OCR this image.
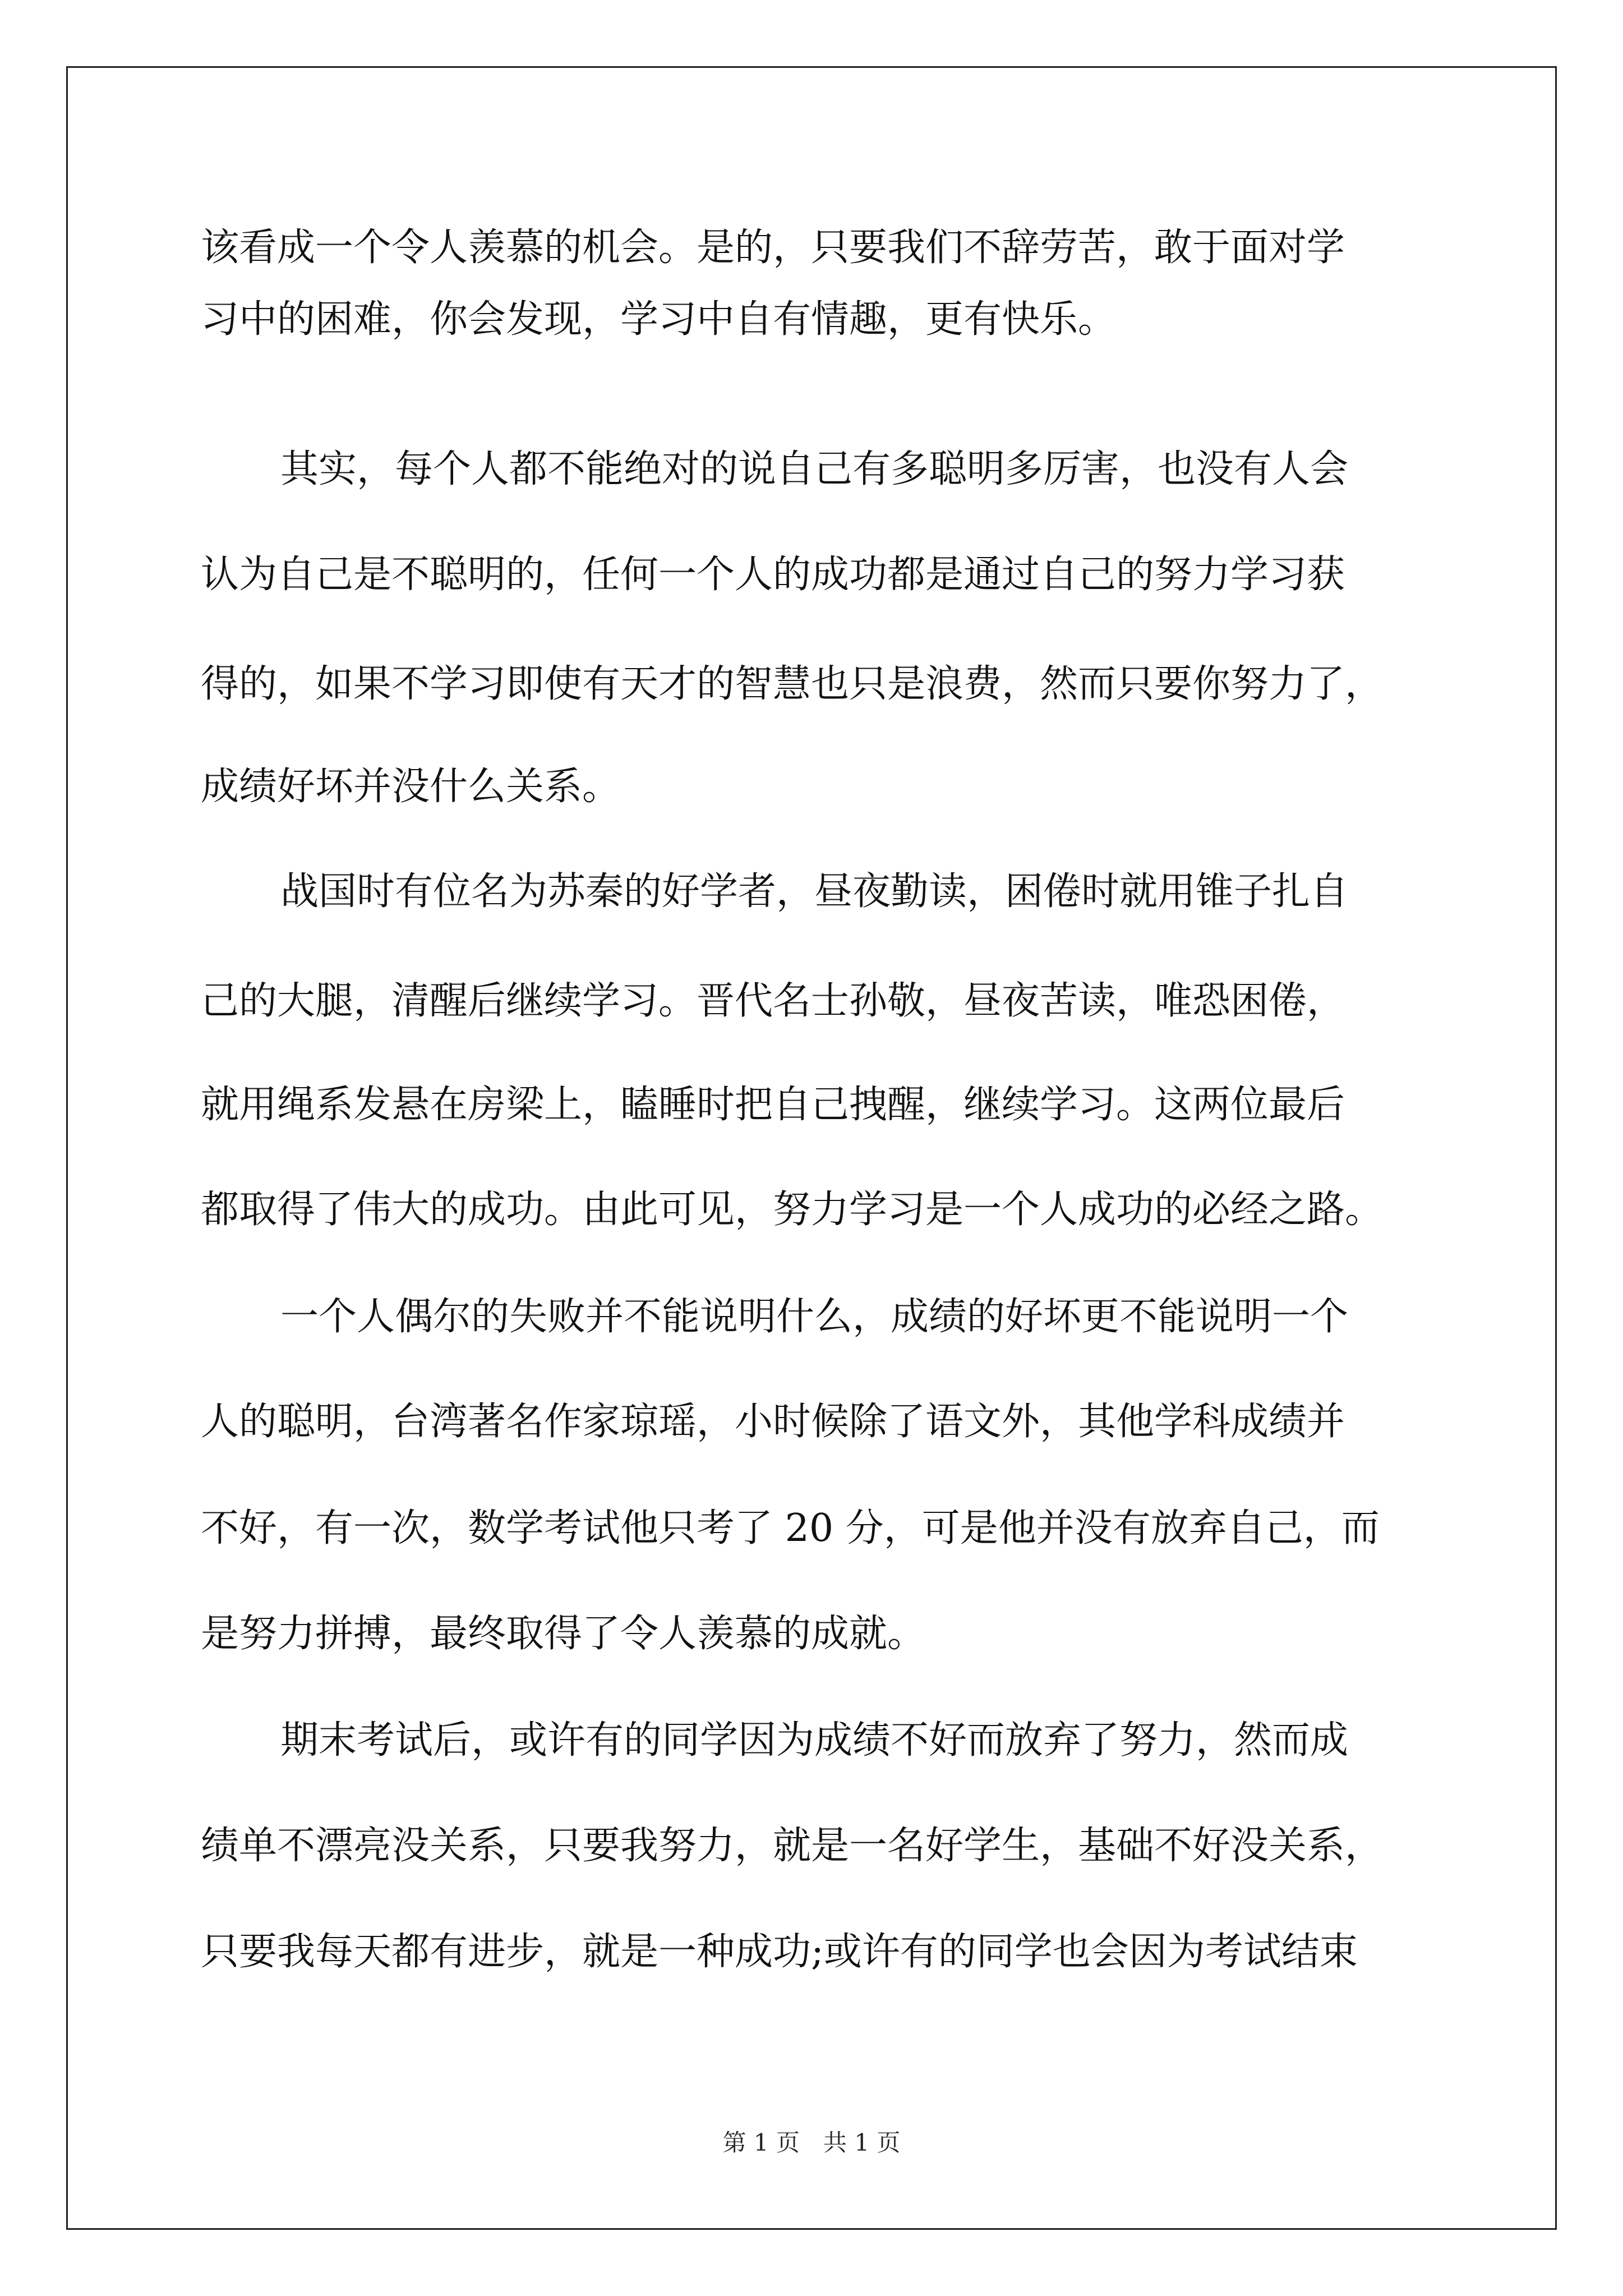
该看成一个令人羡慕的机会。是的，只要我们不辞劳苦，敢于面对学
习中的困难，你会发现，学习中自有情趣，更有快乐。
其实，每个人都不能绝对的说自己有多聪明多厉害，也没有人会
认为自己是不聪明的，任何一个人的成功都是通过自己的努力学习获
得的，如果不学习即使有天才的智慧也只是浪费，然而只要你努力了，
成绩好坏并没什么关系。
战国时有位名为苏秦的好学者，昼夜勤读，困倦时就用锥子扎自
己的大腿，清醒后继续学习。晋代名士孙敬，昼夜苦读，唯恐困倦，
就用绳系发悬在房梁上，瞌睡时把自己拽醒，继续学习。这两位最后
都取得了伟大的成功。由此可见，努力学习是一个人成功的必经之路。
一个人偶尔的失败并不能说明什么，成绩的好坏更不能说明一个
人的聪明，台湾著名作家琼瑶，小时候除了语文外，其他学科成绩并
不好，有一次，数学考试他只考了 20 分，可是他并没有放弃自己，而
是努力拼搏，最终取得了令人羡慕的成就。
期末考试后，或许有的同学因为成绩不好而放弃了努力，然而成
绩单不漂亮没关系，只要我努力，就是一名好学生，基础不好没关系，
只要我每天都有进步，就是一种成功;或许有的同学也会因为考试结束
第 1 页　共 1 页
